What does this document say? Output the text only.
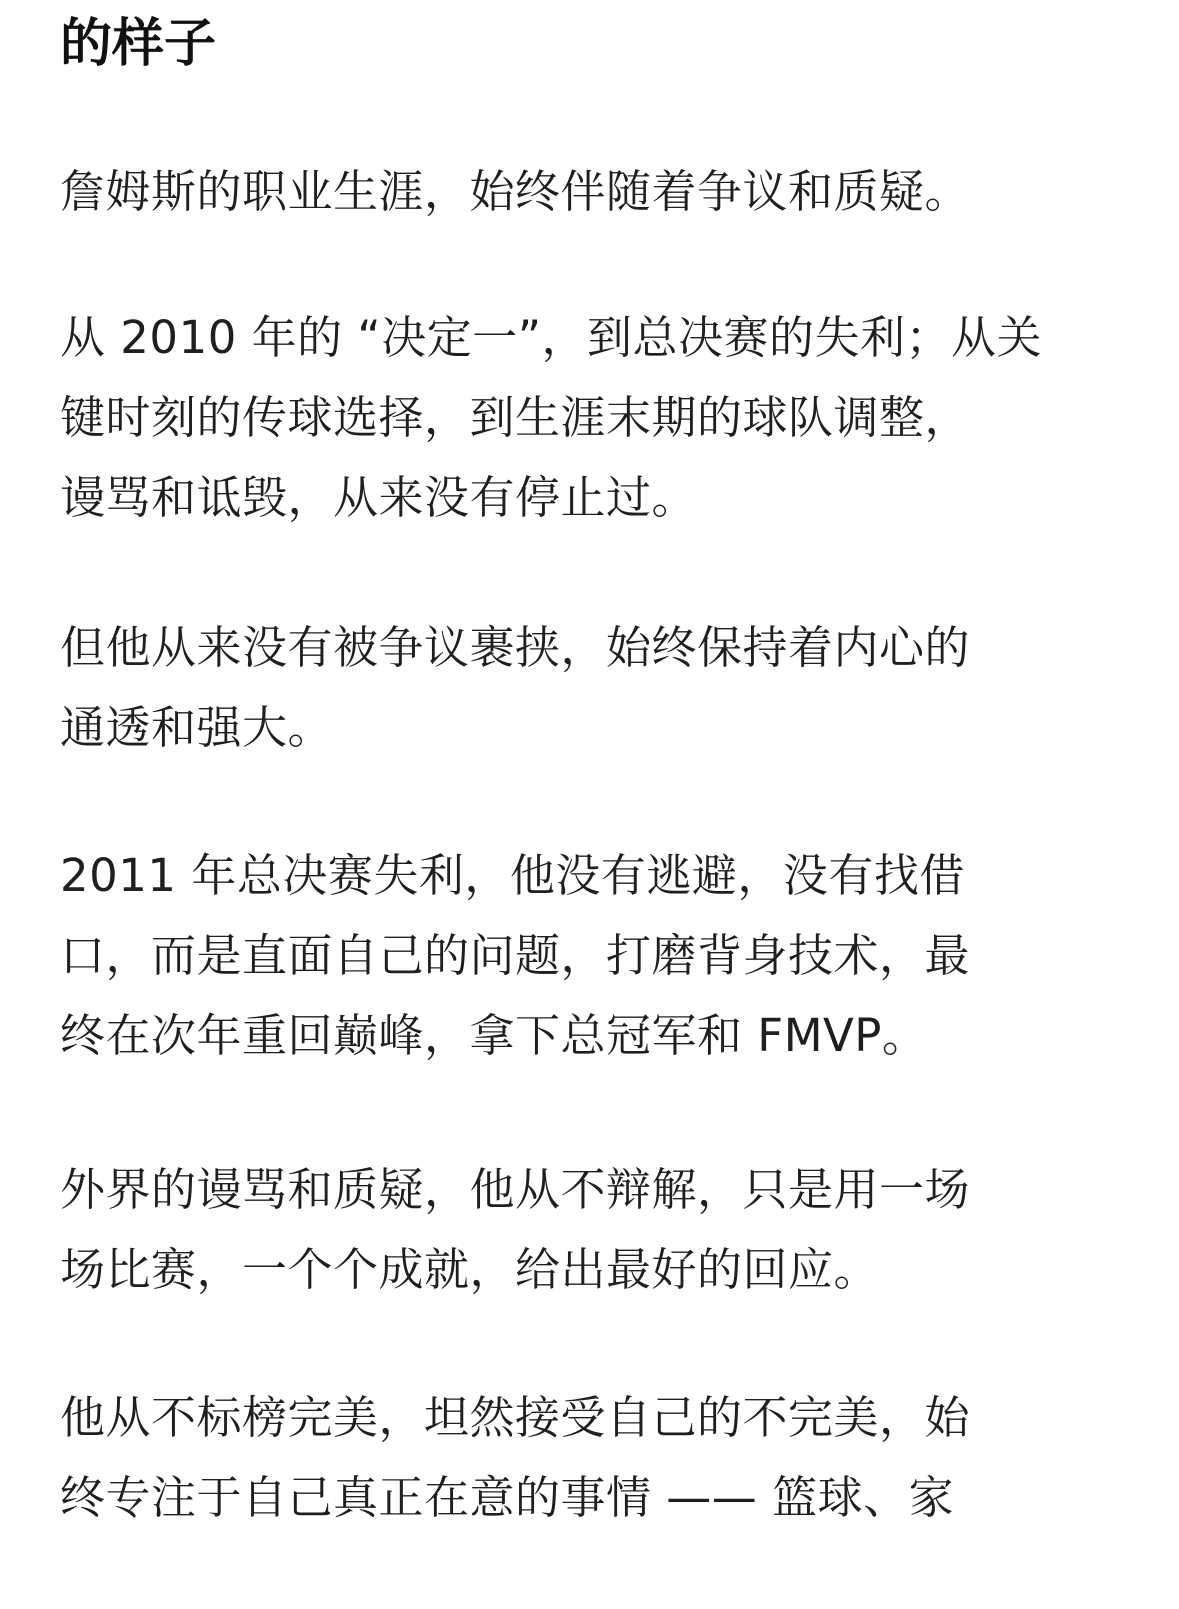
的样子

詹姆斯的职业生涯，始终伴随着争议和质疑。

从 2010 年的 “决定一”，到总决赛的失利；从关
键时刻的传球选择，到生涯末期的球队调整，
谩骂和诋毁，从来没有停止过。

但他从来没有被争议裹挟，始终保持着内心的
通透和强大。

2011 年总决赛失利，他没有逃避，没有找借
口，而是直面自己的问题，打磨背身技术，最
终在次年重回巅峰，拿下总冠军和 FMVP。

外界的谩骂和质疑，他从不辩解，只是用一场
场比赛，一个个成就，给出最好的回应。

他从不标榜完美，坦然接受自己的不完美，始
终专注于自己真正在意的事情 —— 篮球、家
